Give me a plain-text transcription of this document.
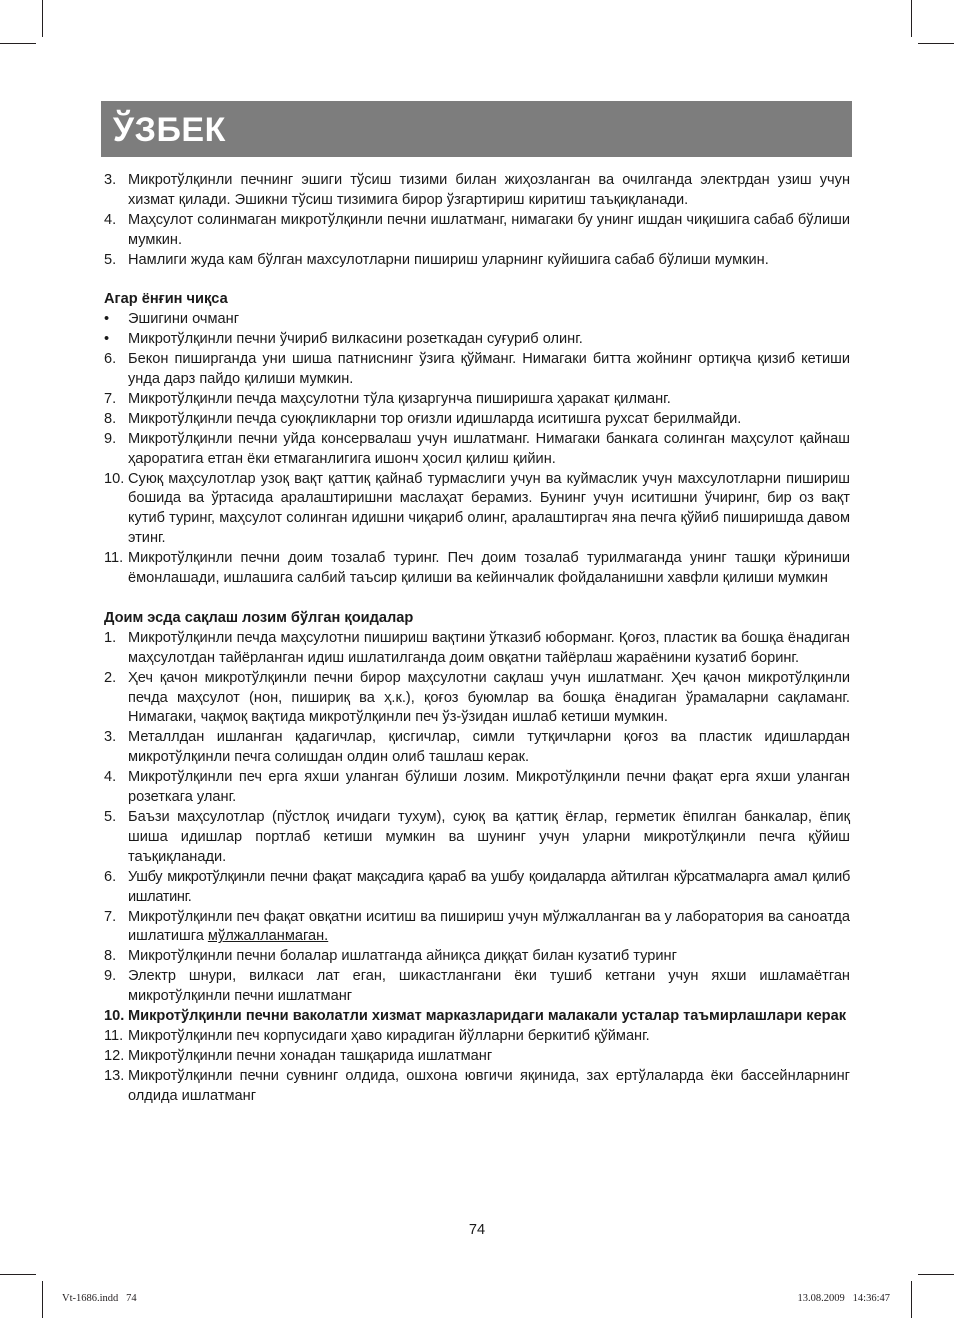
ЎЗБЕК
3. Микротўлқинли печнинг эшиги тўсиш тизими билан жиҳозланган ва очилганда электрдан узиш учун хизмат қилади. Эшикни тўсиш тизимига бирор ўзгартириш киритиш таъқиқланади.
4. Маҳсулот солинмаган микротўлқинли печни ишлатманг, нимагаки бу унинг ишдан чиқишига сабаб бўлиши мумкин.
5. Намлиги жуда кам бўлган махсулотларни пишириш уларнинг куйишига сабаб бўлиши мумкин.
Агар ёнғин чиқса
• Эшигини очманг
• Микротўлқинли печни ўчириб вилкасини розеткадан суғуриб олинг.
6. Бекон пиширганда уни шиша патниснинг ўзига қўйманг. Нимагаки битта жойнинг ортиқча қизиб кетиши унда дарз пайдо қилиши мумкин.
7. Микротўлқинли печда маҳсулотни тўла қизаргунча пиширишга ҳаракат қилманг.
8. Микротўлқинли печда суюқликларни тор оғизли идишларда иситишга рухсат берилмайди.
9. Микротўлқинли печни уйда консервалаш учун ишлатманг. Нимагаки банкага солинган маҳсулот қайнаш ҳароратига етган ёки етмаганлигига ишонч ҳосил қилиш қийин.
10. Суюқ маҳсулотлар узоқ вақт қаттиқ қайнаб турмаслиги учун ва куймаслик учун махсулотларни пишириш бошида ва ўртасида аралаштиришни маслаҳат берамиз. Бунинг учун иситишни ўчиринг, бир оз вақт кутиб туринг, маҳсулот солинган идишни чиқариб олинг, аралаштиргач яна печга қўйиб пиширишда давом этинг.
11. Микротўлқинли печни доим тозалаб туринг. Печ доим тозалаб турилмаганда унинг ташқи кўриниши ёмонлашади, ишлашига салбий таъсир қилиши ва кейинчалик фойдаланишни хавфли қилиши мумкин
Доим эсда сақлаш лозим бўлган қоидалар
1. Микротўлқинли печда маҳсулотни пишириш вақтини ўтказиб юборманг. Қоғоз, пластик ва бошқа ёнадиган маҳсулотдан тайёрланган идиш ишлатилганда доим овқатни тайёрлаш жараёнини кузатиб боринг.
2. Ҳеч қачон микротўлқинли печни бирор маҳсулотни сақлаш учун ишлатманг. Ҳеч қачон микротўлқинли печда маҳсулот (нон, пишириқ ва ҳ.к.), қоғоз буюмлар ва бошқа ёнадиган ўрамаларни сақламанг. Нимагаки, чақмоқ вақтида микротўлқинли печ ўз-ўзидан ишлаб кетиши мумкин.
3. Металлдан ишланган қадагичлар, қисгичлар, симли тутқичларни қоғоз ва пластик идишлардан микротўлқинли печга солишдан олдин олиб ташлаш керак.
4. Микротўлқинли печ ерга яхши уланган бўлиши лозим. Микротўлқинли печни фақат ерга яхши уланган розеткага уланг.
5. Баъзи маҳсулотлар (пўстлоқ ичидаги тухум), суюқ ва қаттиқ ёғлар, герметик ёпилган банкалар, ёпиқ шиша идишлар портлаб кетиши мумкин ва шунинг учун уларни микротўлқинли печга қўйиш таъқиқланади.
6. Ушбу микротўлқинли печни фақат мақсадига қараб ва ушбу қоидаларда айтилган кўрсатмаларга амал қилиб ишлатинг.
7. Микротўлқинли печ фақат овқатни иситиш ва пишириш учун мўлжалланган ва у лаборатория ва саноатда ишлатишга мўлжалланмаган.
8. Микротўлқинли печни болалар ишлатганда айниқса диққат билан кузатиб туринг
9. Электр шнури, вилкаси лат еган, шикастлангани ёки тушиб кетгани учун яхши ишламаётган микротўлқинли печни ишлатманг
10. Микротўлқинли печни ваколатли хизмат марказларидаги малакали усталар таъмирлашлари керак
11. Микротўлқинли печ корпусидаги ҳаво кирадиган йўлларни беркитиб қўйманг.
12. Микротўлқинли печни хонадан ташқарида ишлатманг
13. Микротўлқинли печни сувнинг олдида, ошхона ювгичи яқинида, зах ертўлаларда ёки бассейнларнинг олдида ишлатманг
74
Vt-1686.indd   74	13.08.2009   14:36:47
